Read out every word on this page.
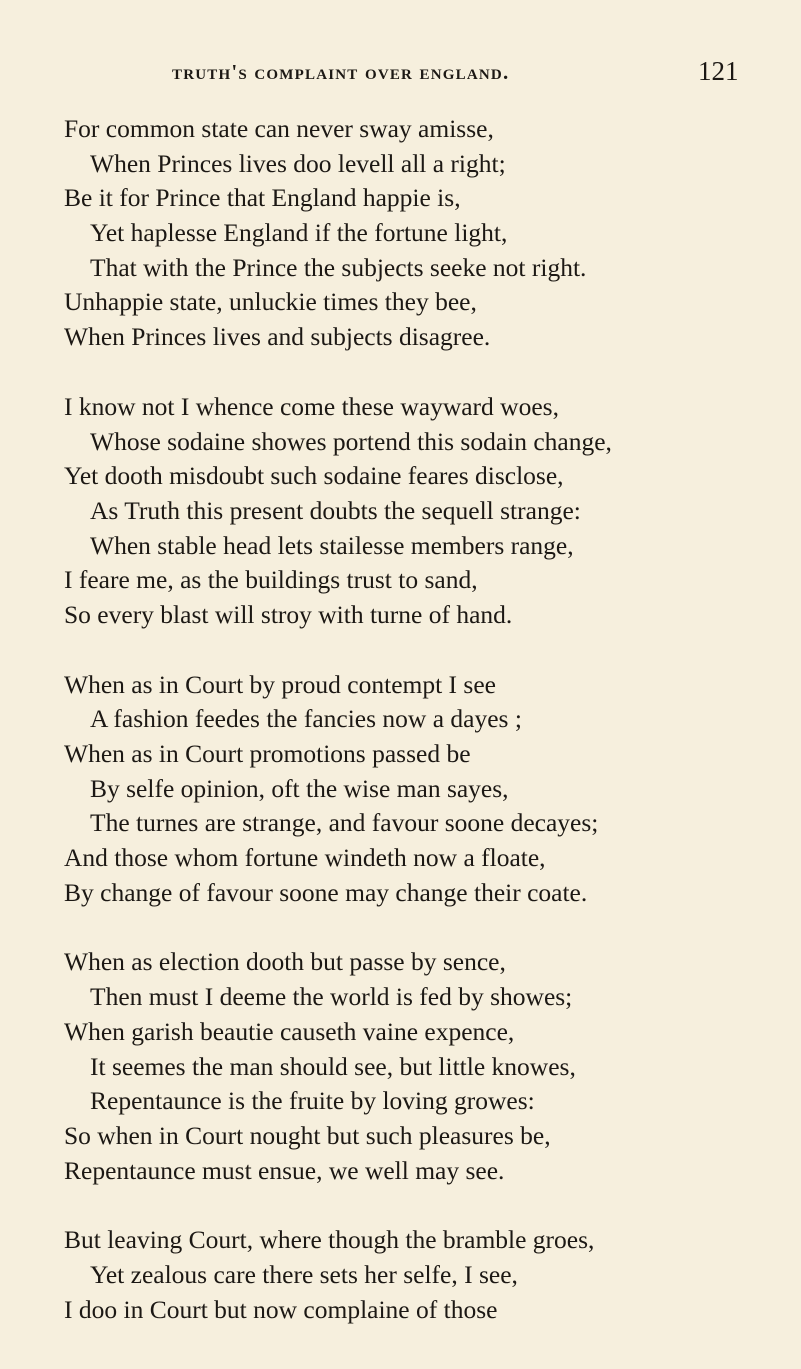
truth's complaint over england.	121
For common state can never sway amisse,
When Princes lives doo levell all a right;
Be it for Prince that England happie is,
Yet haplesse England if the fortune light,
That with the Prince the subjects seeke not right.
Unhappie state, unluckie times they bee,
When Princes lives and subjects disagree.
I know not I whence come these wayward woes,
Whose sodaine showes portend this sodain change,
Yet dooth misdoubt such sodaine feares disclose,
As Truth this present doubts the sequell strange:
When stable head lets stailesse members range,
I feare me, as the buildings trust to sand,
So every blast will stroy with turne of hand.
When as in Court by proud contempt I see
A fashion feedes the fancies now a dayes ;
When as in Court promotions passed be
By selfe opinion, oft the wise man sayes,
The turnes are strange, and favour soone decayes;
And those whom fortune windeth now a floate,
By change of favour soone may change their coate.
When as election dooth but passe by sence,
Then must I deeme the world is fed by showes;
When garish beautie causeth vaine expence,
It seemes the man should see, but little knowes,
Repentaunce is the fruite by loving growes:
So when in Court nought but such pleasures be,
Repentaunce must ensue, we well may see.
But leaving Court, where though the bramble groes,
Yet zealous care there sets her selfe, I see,
I doo in Court but now complaine of those
